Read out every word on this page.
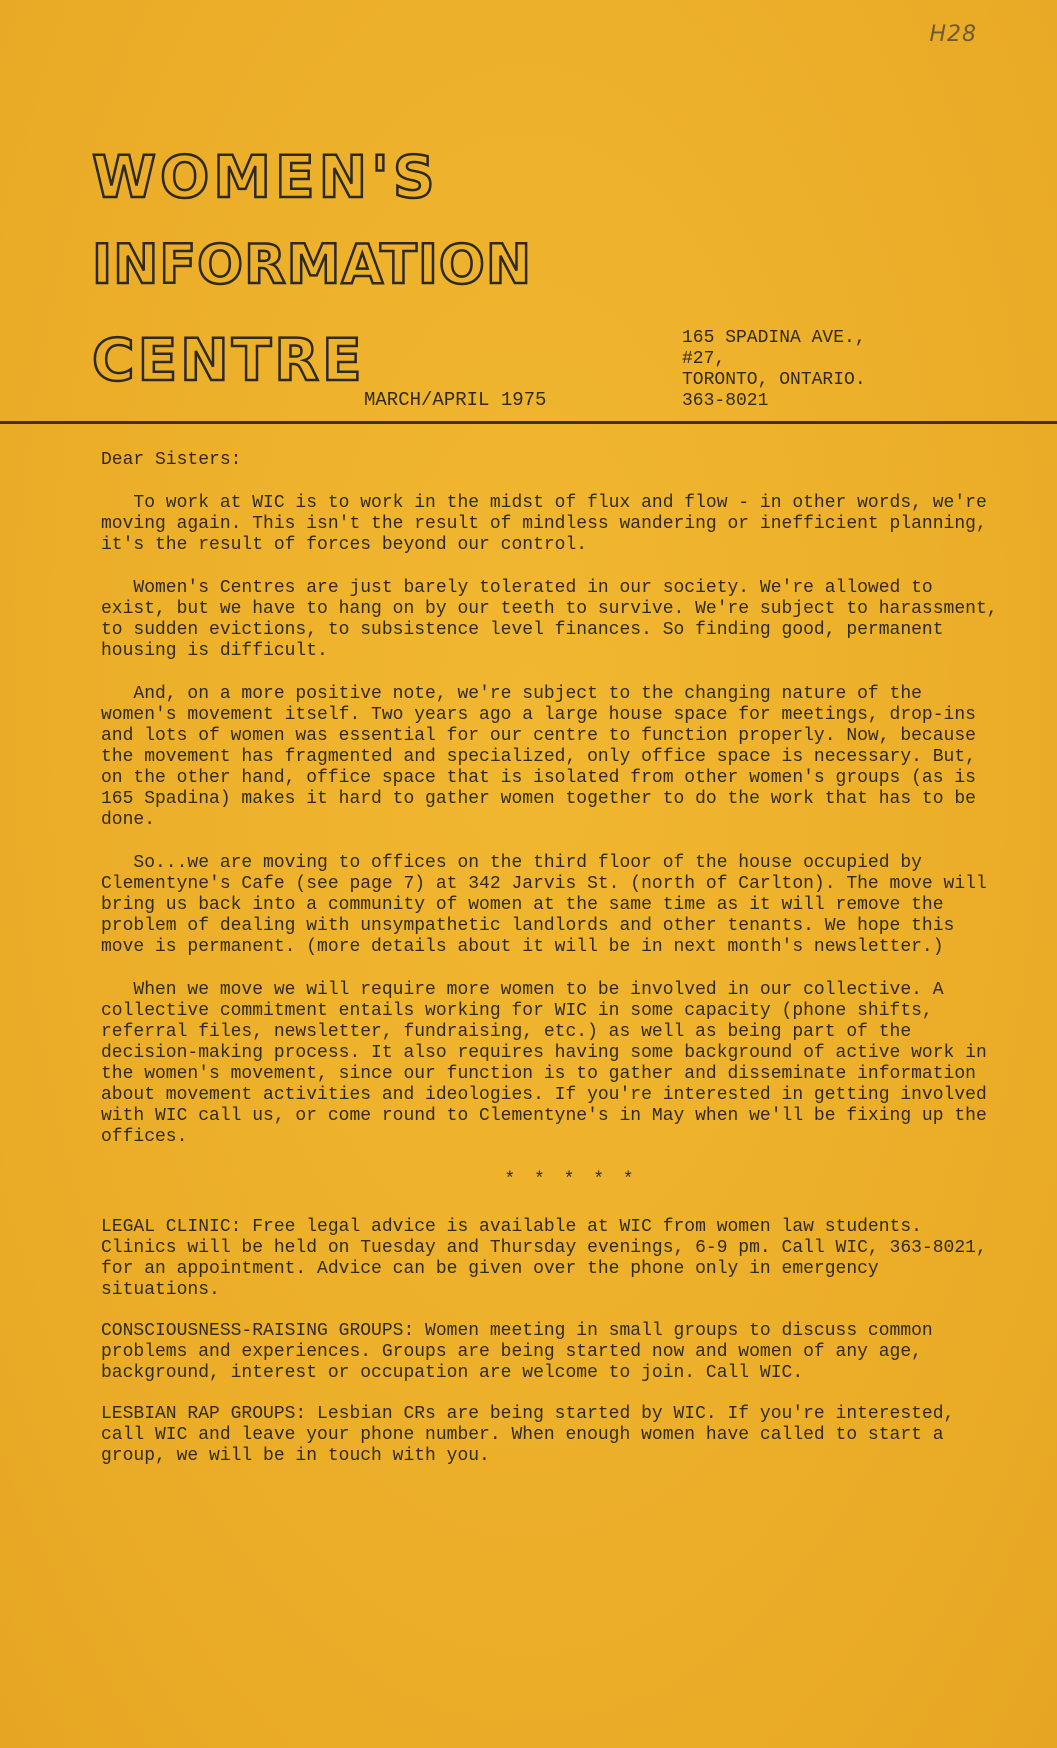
H28
WOMEN'S
INFORMATION
CENTRE
MARCH/APRIL 1975
165 SPADINA AVE.,
#27,
TORONTO, ONTARIO.
363-8021

Dear Sisters:

To work at WIC is to work in the midst of flux and flow - in other words, we're moving again. This isn't the result of mindless wandering or inefficient planning, it's the result of forces beyond our control.

Women's Centres are just barely tolerated in our society. We're allowed to exist, but we have to hang on by our teeth to survive. We're subject to harassment, to sudden evictions, to subsistence level finances. So finding good, permanent housing is difficult.

And, on a more positive note, we're subject to the changing nature of the women's movement itself. Two years ago a large house space for meetings, drop-ins and lots of women was essential for our centre to function properly. Now, because the movement has fragmented and specialized, only office space is necessary. But, on the other hand, office space that is isolated from other women's groups (as is 165 Spadina) makes it hard to gather women together to do the work that has to be done.

So...we are moving to offices on the third floor of the house occupied by Clementyne's Cafe (see page 7) at 342 Jarvis St. (north of Carlton). The move will bring us back into a community of women at the same time as it will remove the problem of dealing with unsympathetic landlords and other tenants. We hope this move is permanent. (more details about it will be in next month's newsletter.)

When we move we will require more women to be involved in our collective. A collective commitment entails working for WIC in some capacity (phone shifts, referral files, newsletter, fundraising, etc.) as well as being part of the decision-making process. It also requires having some background of active work in the women's movement, since our function is to gather and disseminate information about movement activities and ideologies. If you're interested in getting involved with WIC call us, or come round to Clementyne's in May when we'll be fixing up the offices.

* * * * *

LEGAL CLINIC: Free legal advice is available at WIC from women law students. Clinics will be held on Tuesday and Thursday evenings, 6-9 pm. Call WIC, 363-8021, for an appointment. Advice can be given over the phone only in emergency situations.

CONSCIOUSNESS-RAISING GROUPS: Women meeting in small groups to discuss common problems and experiences. Groups are being started now and women of any age, background, interest or occupation are welcome to join. Call WIC.

LESBIAN RAP GROUPS: Lesbian CRs are being started by WIC. If you're interested, call WIC and leave your phone number. When enough women have called to start a group, we will be in touch with you.
